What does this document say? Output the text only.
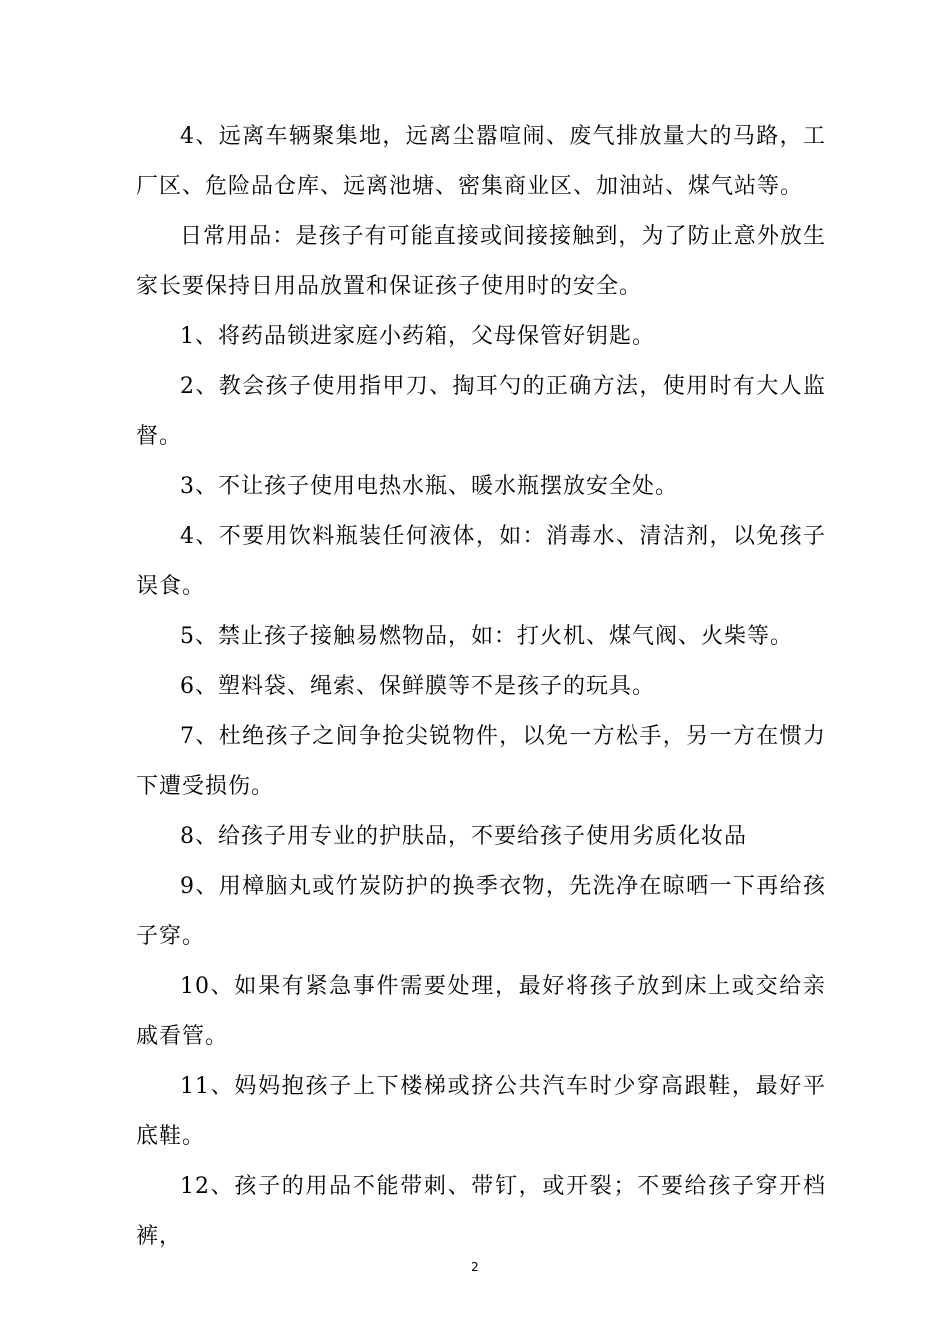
4、远离车辆聚集地，远离尘嚣喧闹、废气排放量大的马路，工厂区、危险品仓库、远离池塘、密集商业区、加油站、煤气站等。

日常用品：是孩子有可能直接或间接接触到，为了防止意外放生家长要保持日用品放置和保证孩子使用时的安全。

1、将药品锁进家庭小药箱，父母保管好钥匙。

2、教会孩子使用指甲刀、掏耳勺的正确方法，使用时有大人监督。

3、不让孩子使用电热水瓶、暖水瓶摆放安全处。

4、不要用饮料瓶装任何液体，如：消毒水、清洁剂，以免孩子误食。

5、禁止孩子接触易燃物品，如：打火机、煤气阀、火柴等。

6、塑料袋、绳索、保鲜膜等不是孩子的玩具。

7、杜绝孩子之间争抢尖锐物件，以免一方松手，另一方在惯力下遭受损伤。

8、给孩子用专业的护肤品，不要给孩子使用劣质化妆品

9、用樟脑丸或竹炭防护的换季衣物，先洗净在晾晒一下再给孩子穿。

10、如果有紧急事件需要处理，最好将孩子放到床上或交给亲戚看管。

11、妈妈抱孩子上下楼梯或挤公共汽车时少穿高跟鞋，最好平底鞋。

12、孩子的用品不能带刺、带钉，或开裂；不要给孩子穿开档裤，

2
